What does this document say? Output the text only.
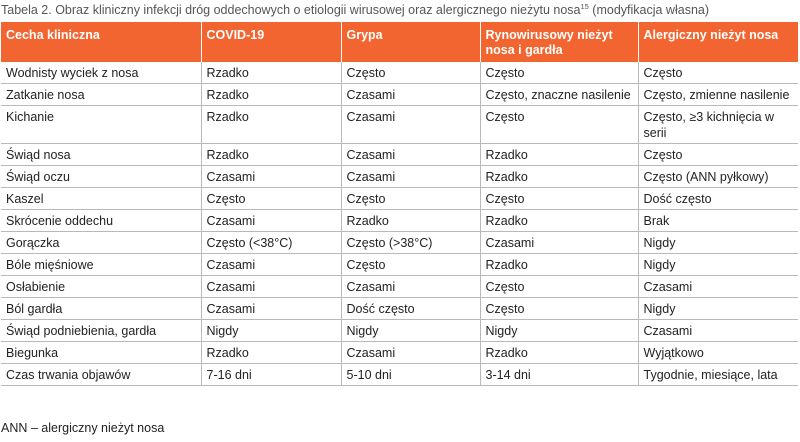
Tabela 2. Obraz kliniczny infekcji dróg oddechowych o etiologii wirusowej oraz alergicznego nieżytu nosa$^{15}$ (modyfikacja własna)
Cecha kliniczna	COVID-19	Grypa	Rynowirusowy nieżyt nosa i gardła	Alergiczny nieżyt nosa
Wodnisty wyciek z nosa	Rzadko	Często	Często	Często
Zatkanie nosa	Rzadko	Czasami	Często, znaczne nasilenie	Często, zmienne nasilenie
Kichanie	Rzadko	Czasami	Często	Często, ≥3 kichnięcia w serii
Świąd nosa	Rzadko	Czasami	Rzadko	Często
Świąd oczu	Czasami	Czasami	Rzadko	Często (ANN pyłkowy)
Kaszel	Często	Często	Często	Dość często
Skrócenie oddechu	Czasami	Rzadko	Rzadko	Brak
Gorączka	Często (<38°C)	Często (>38°C)	Czasami	Nigdy
Bóle mięśniowe	Czasami	Często	Rzadko	Nigdy
Osłabienie	Czasami	Czasami	Często	Czasami
Ból gardła	Czasami	Dość często	Często	Nigdy
Świąd podniebienia, gardła	Nigdy	Nigdy	Nigdy	Czasami
Biegunka	Rzadko	Czasami	Rzadko	Wyjątkowo
Czas trwania objawów	7-16 dni	5-10 dni	3-14 dni	Tygodnie, miesiące, lata
ANN – alergiczny nieżyt nosa
